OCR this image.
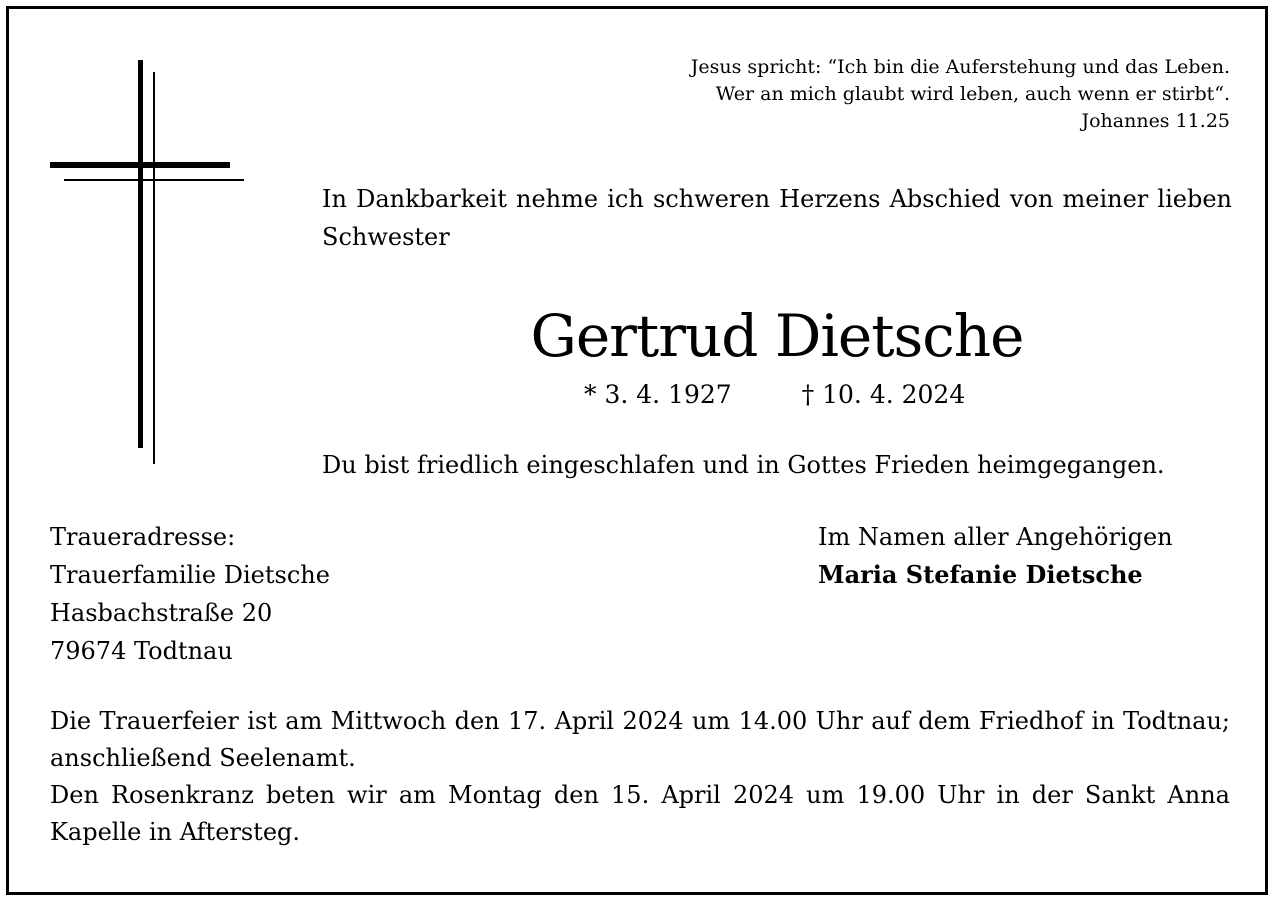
Jesus spricht: “Ich bin die Auferstehung und das Leben.
Wer an mich glaubt wird leben, auch wenn er stirbt“.
Johannes 11.25
In Dankbarkeit nehme ich schweren Herzens Abschied von meiner lieben Schwester
Gertrud Dietsche
* 3. 4. 1927	† 10. 4. 2024
Du bist friedlich eingeschlafen und in Gottes Frieden heimgegangen.
Traueradresse:
Trauerfamilie Dietsche
Hasbachstraße 20
79674 Todtnau
Im Namen aller Angehörigen
Maria Stefanie Dietsche

Die Trauerfeier ist am Mittwoch den 17. April 2024 um 14.00 Uhr auf dem Friedhof in Todtnau; anschließend Seelenamt.

Den Rosenkranz beten wir am Montag den 15. April 2024 um 19.00 Uhr in der Sankt Anna Kapelle in Aftersteg.
